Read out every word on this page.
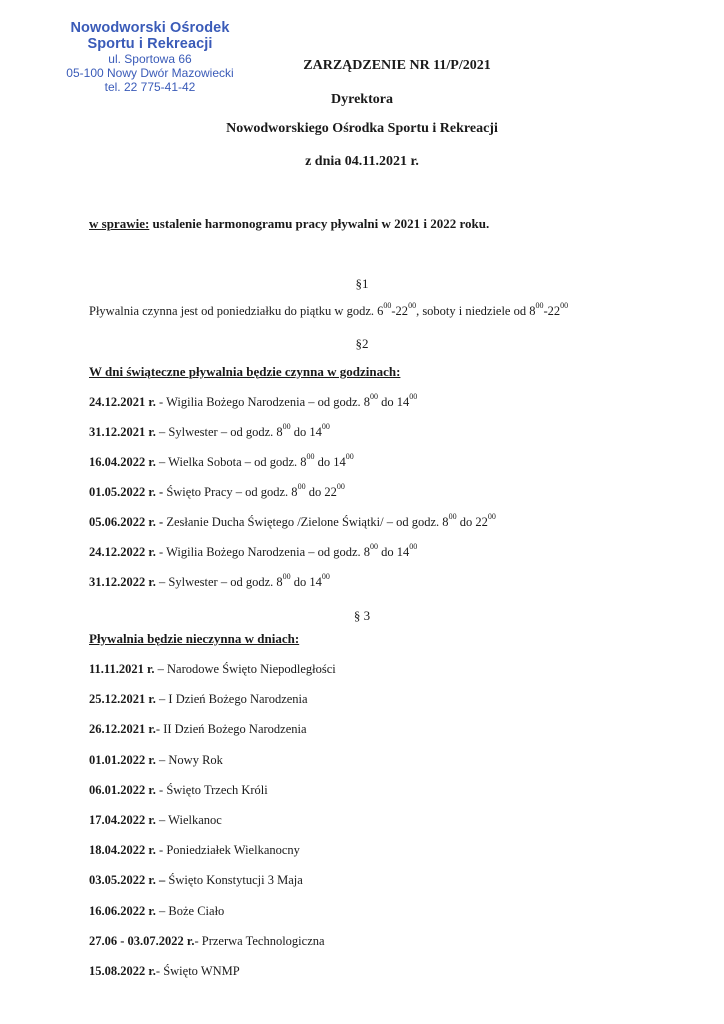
Nowodworski Ośrodek
Sportu i Rekreacji
ul. Sportowa 66
05-100 Nowy Dwór Mazowiecki
tel. 22 775-41-42
ZARZĄDZENIE NR 11/P/2021
Dyrektora
Nowodworskiego Ośrodka Sportu i Rekreacji
z dnia 04.11.2021 r.
w sprawie: ustalenie harmonogramu pracy pływalni w 2021 i 2022 roku.
§1
Pływalnia czynna jest od poniedziałku do piątku w godz. $6^{00}-22^{00}$, soboty i niedziele od $8^{00}-22^{00}$
§2
W dni świąteczne pływalnia będzie czynna w godzinach:
24.12.2021 r. - Wigilia Bożego Narodzenia – od godz. $8^{00}$ do $14^{00}$
31.12.2021 r. – Sylwester – od godz. $8^{00}$ do $14^{00}$
16.04.2022 r. – Wielka Sobota – od godz. $8^{00}$ do $14^{00}$
01.05.2022 r. - Święto Pracy – od godz. $8^{00}$ do $22^{00}$
05.06.2022 r. - Zesłanie Ducha Świętego /Zielone Świątki/ – od godz. $8^{00}$ do $22^{00}$
24.12.2022 r. - Wigilia Bożego Narodzenia – od godz. $8^{00}$ do $14^{00}$
31.12.2022 r. – Sylwester – od godz. $8^{00}$ do $14^{00}$
§ 3
Pływalnia będzie nieczynna w dniach:
11.11.2021 r. – Narodowe Święto Niepodległości
25.12.2021 r. – I Dzień Bożego Narodzenia
26.12.2021 r.- II Dzień Bożego Narodzenia
01.01.2022 r. – Nowy Rok
06.01.2022 r. - Święto Trzech Króli
17.04.2022 r. – Wielkanoc
18.04.2022 r. - Poniedziałek Wielkanocny
03.05.2022 r. – Święto Konstytucji 3 Maja
16.06.2022 r. – Boże Ciało
27.06 - 03.07.2022 r.- Przerwa Technologiczna
15.08.2022 r.- Święto WNMP
